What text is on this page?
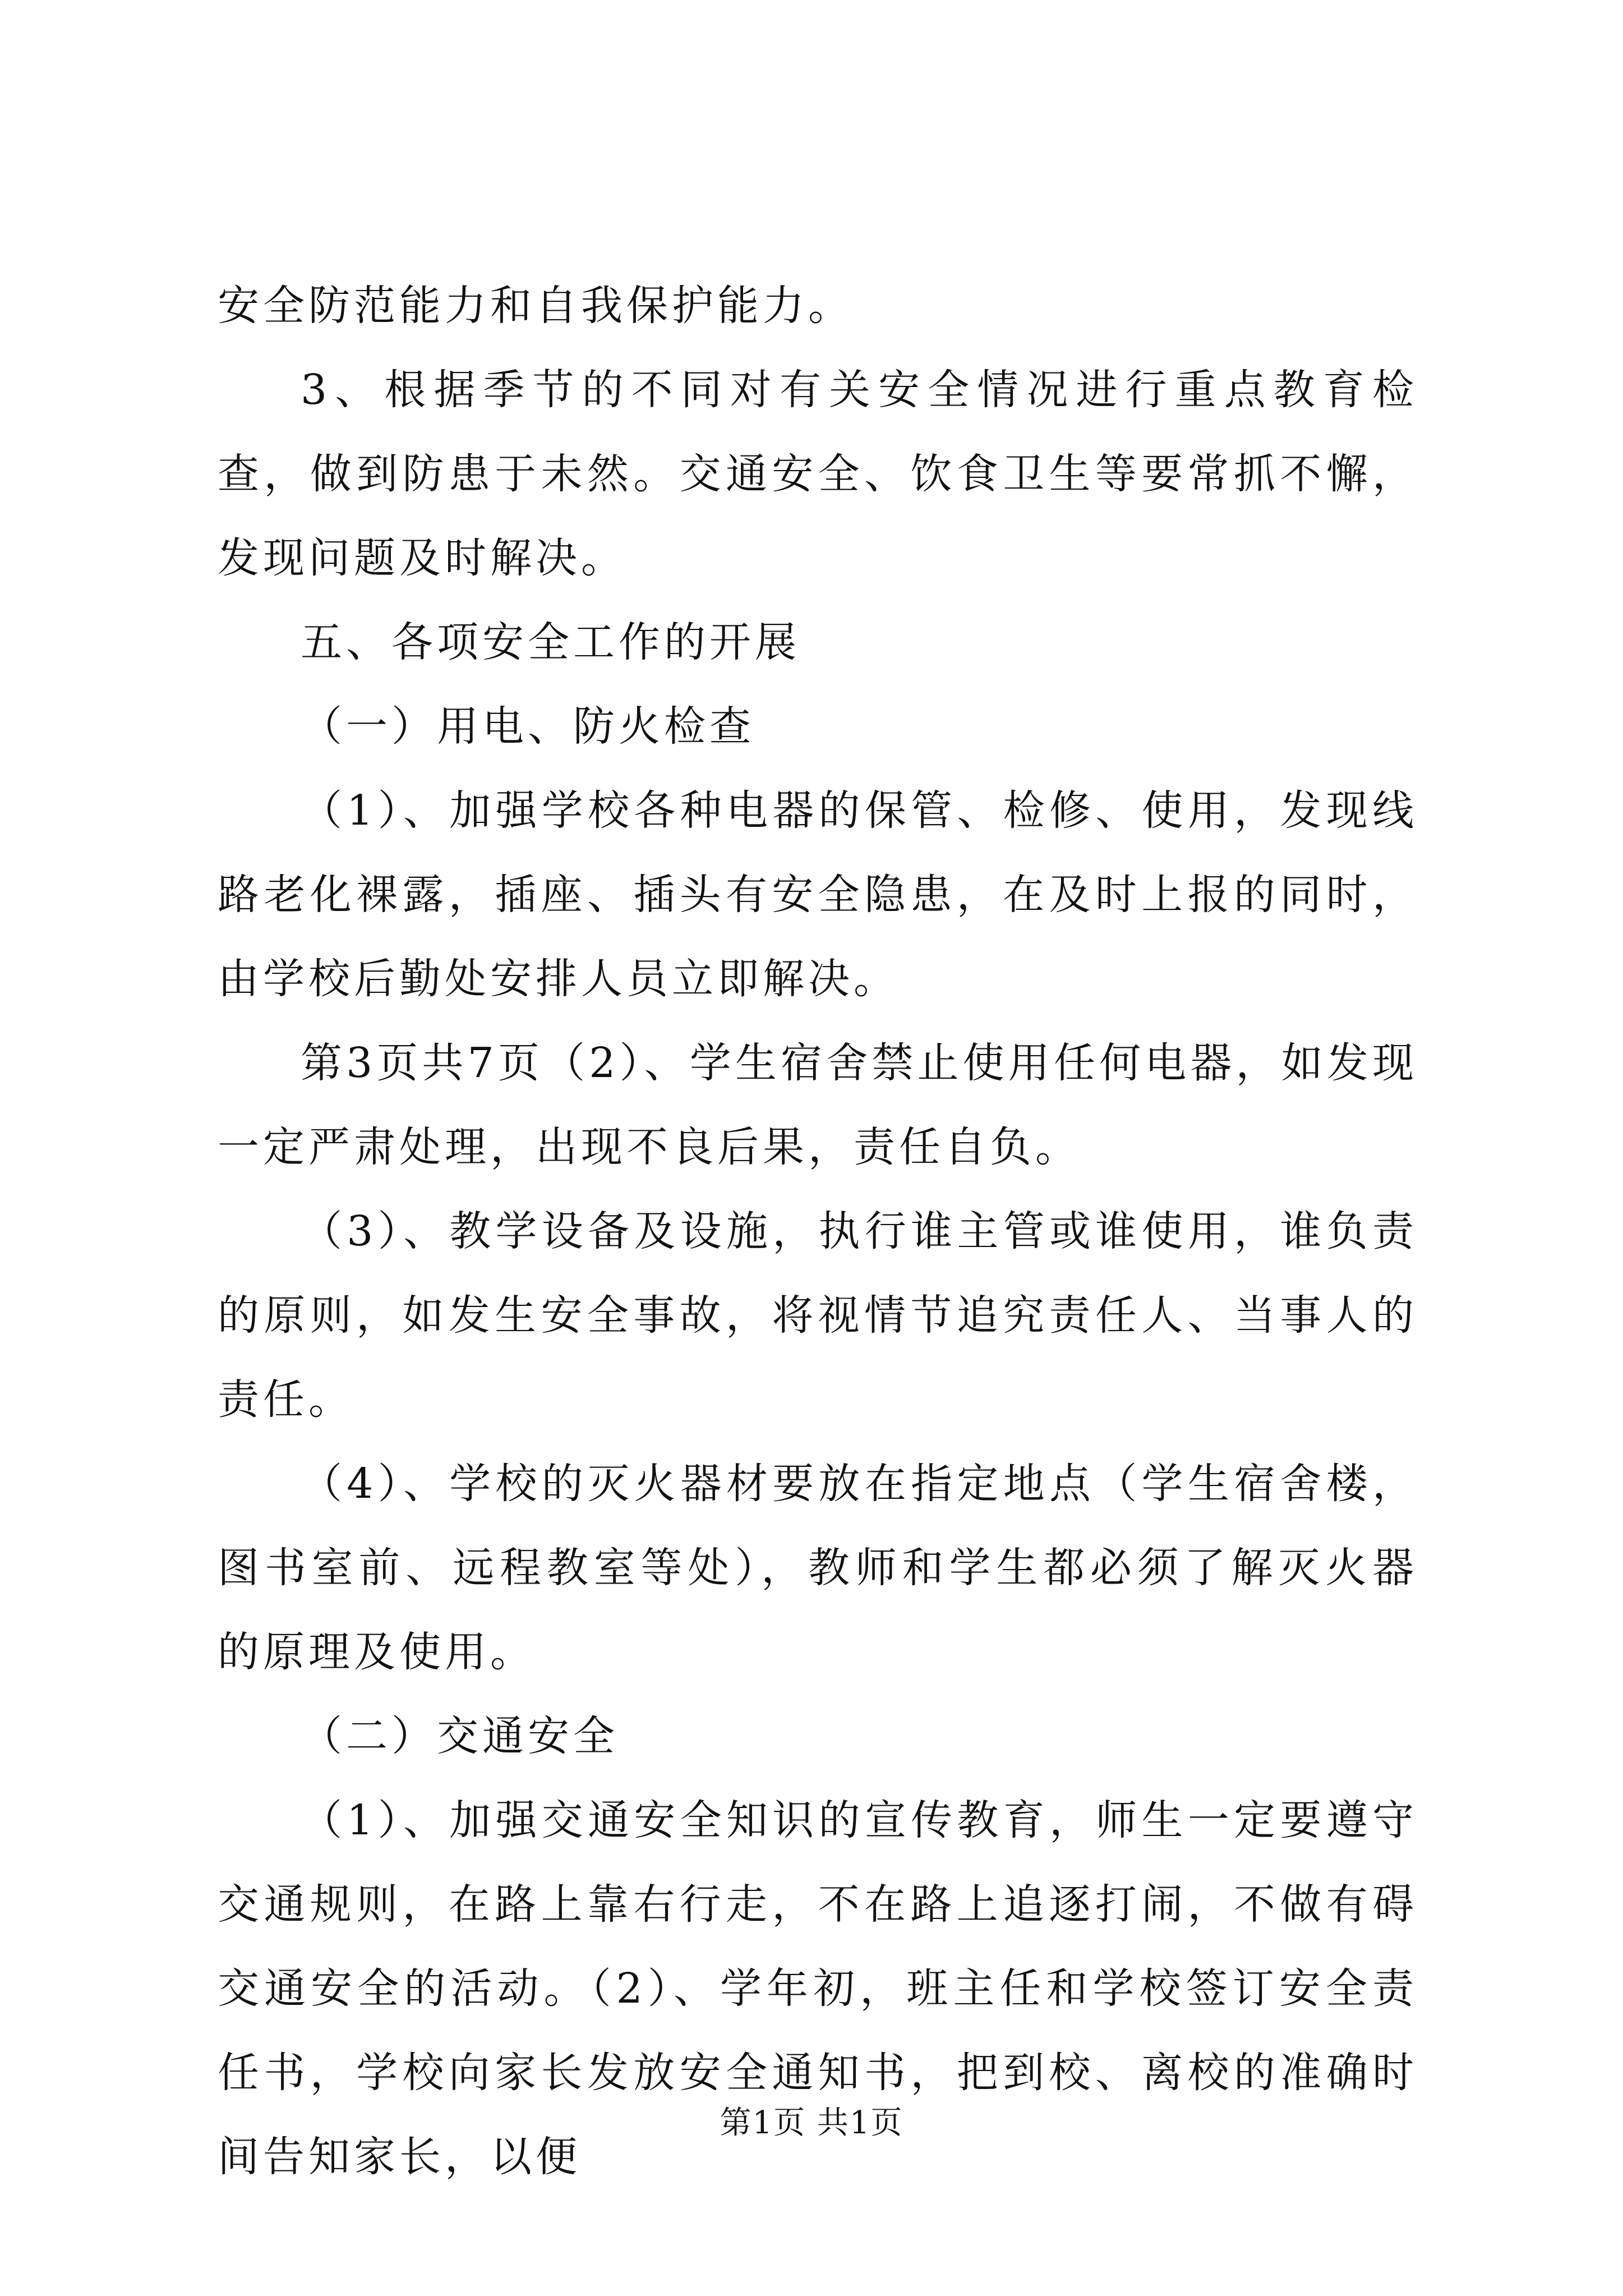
安全防范能力和自我保护能力。

3、根据季节的不同对有关安全情况进行重点教育检查，做到防患于未然。交通安全、饮食卫生等要常抓不懈，发现问题及时解决。

五、各项安全工作的开展

（一）用电、防火检查

（1）、加强学校各种电器的保管、检修、使用，发现线路老化裸露，插座、插头有安全隐患，在及时上报的同时，由学校后勤处安排人员立即解决。

第3页共7页（2）、学生宿舍禁止使用任何电器，如发现一定严肃处理，出现不良后果，责任自负。

（3）、教学设备及设施，执行谁主管或谁使用，谁负责的原则，如发生安全事故，将视情节追究责任人、当事人的责任。

（4）、学校的灭火器材要放在指定地点（学生宿舍楼，图书室前、远程教室等处），教师和学生都必须了解灭火器的原理及使用。

（二）交通安全

（1）、加强交通安全知识的宣传教育，师生一定要遵守交通规则，在路上靠右行走，不在路上追逐打闹，不做有碍交通安全的活动。（2）、学年初，班主任和学校签订安全责任书，学校向家长发放安全通知书，把到校、离校的准确时间告知家长，以便

第1页 共1页
